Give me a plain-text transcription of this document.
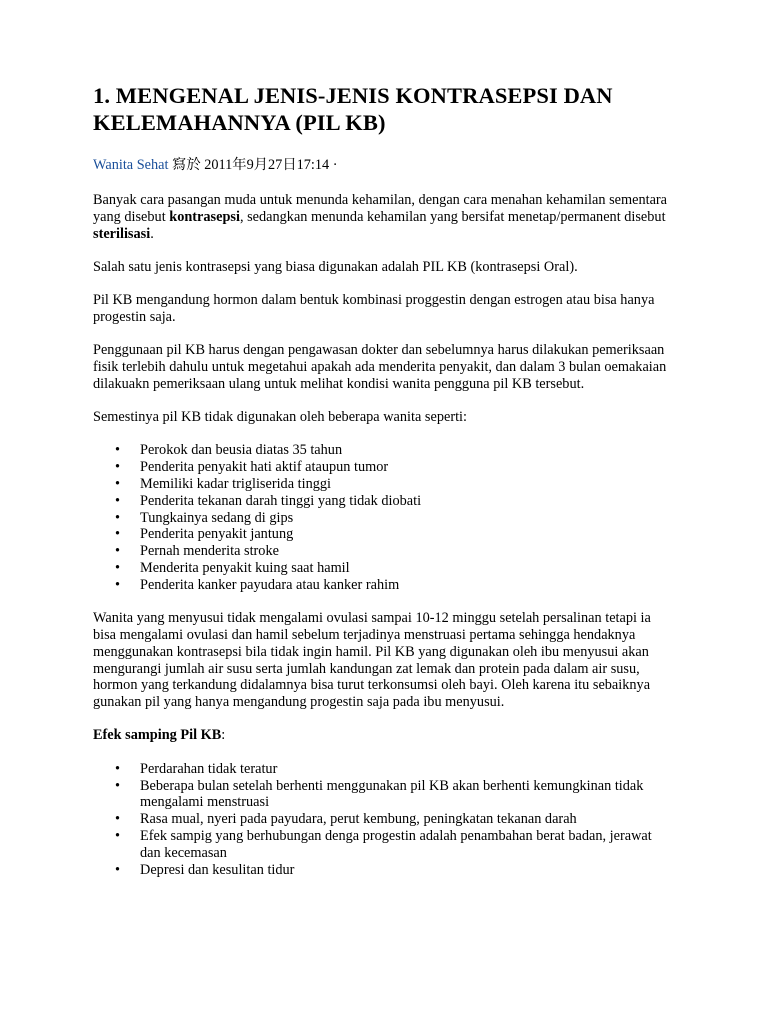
1. MENGENAL JENIS-JENIS KONTRASEPSI DAN KELEMAHANNYA (PIL KB)
Wanita Sehat 寫於 2011年9月27日17:14 ·

Banyak cara pasangan muda untuk menunda kehamilan, dengan cara menahan kehamilan sementara yang disebut kontrasepsi, sedangkan menunda kehamilan yang bersifat menetap/permanent disebut sterilisasi.

Salah satu jenis kontrasepsi yang biasa digunakan adalah PIL KB (kontrasepsi Oral).

Pil KB mengandung hormon dalam bentuk kombinasi proggestin dengan estrogen atau bisa hanya progestin saja.

Penggunaan pil KB harus dengan pengawasan dokter dan sebelumnya harus dilakukan pemeriksaan fisik terlebih dahulu untuk megetahui apakah ada menderita penyakit, dan dalam 3 bulan oemakaian dilakuakn pemeriksaan ulang untuk melihat kondisi wanita pengguna pil KB tersebut.

Semestinya pil KB tidak digunakan oleh beberapa wanita seperti:

• Perokok dan beusia diatas 35 tahun
• Penderita penyakit hati aktif ataupun tumor
• Memiliki kadar trigliserida tinggi
• Penderita tekanan darah tinggi yang tidak diobati
• Tungkainya sedang di gips
• Penderita penyakit jantung
• Pernah menderita stroke
• Menderita penyakit kuing saat hamil
• Penderita kanker payudara atau kanker rahim

Wanita yang menyusui tidak mengalami ovulasi sampai 10-12 minggu setelah persalinan tetapi ia bisa mengalami ovulasi dan hamil sebelum terjadinya menstruasi pertama sehingga hendaknya menggunakan kontrasepsi bila tidak ingin hamil. Pil KB yang digunakan oleh ibu menyusui akan mengurangi jumlah air susu serta jumlah kandungan zat lemak dan protein pada dalam air susu, hormon yang terkandung didalamnya bisa turut terkonsumsi oleh bayi. Oleh karena itu sebaiknya gunakan pil yang hanya mengandung progestin saja pada ibu menyusui.

Efek samping Pil KB:

• Perdarahan tidak teratur
• Beberapa bulan setelah berhenti menggunakan pil KB akan berhenti kemungkinan tidak mengalami menstruasi
• Rasa mual, nyeri pada payudara, perut kembung, peningkatan tekanan darah
• Efek sampig yang berhubungan denga progestin adalah penambahan berat badan, jerawat dan kecemasan
• Depresi dan kesulitan tidur
